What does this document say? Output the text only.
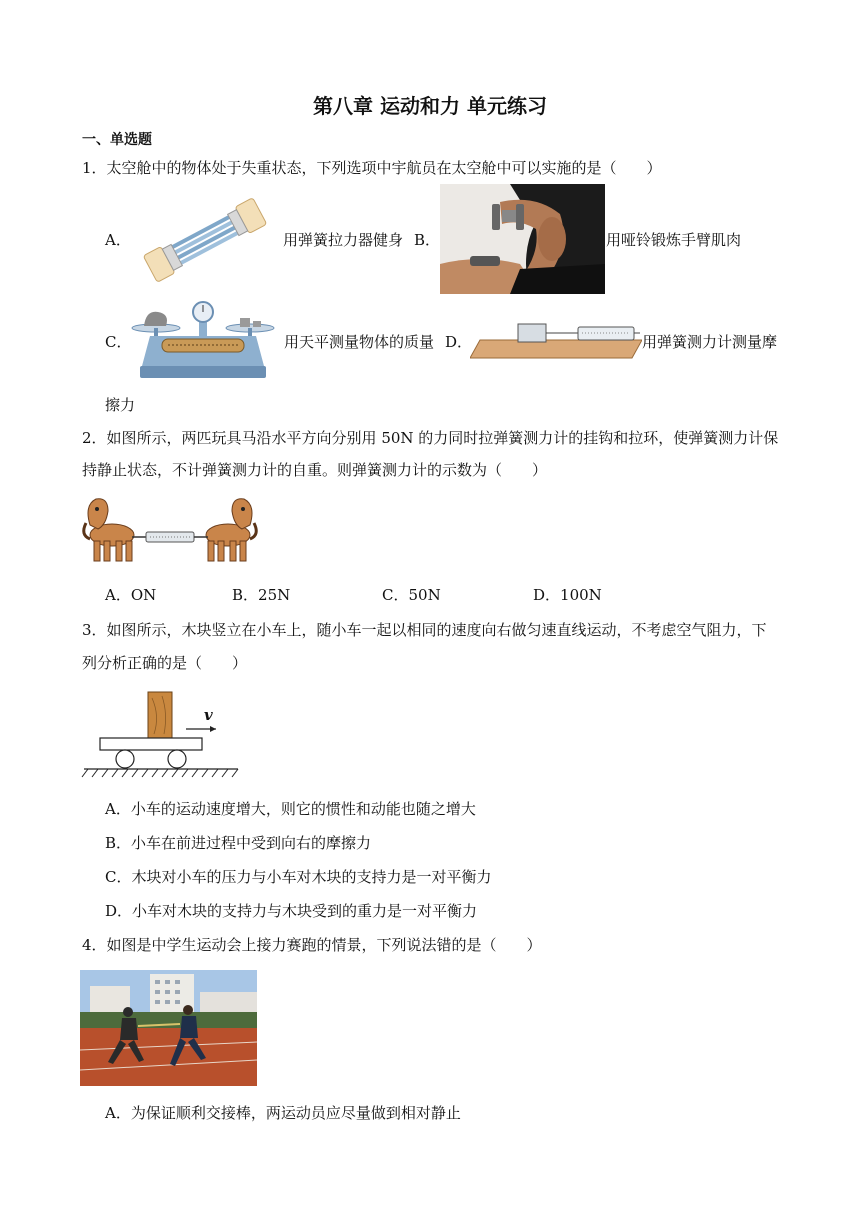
第八章 运动和力 单元练习
一、单选题
1．太空舱中的物体处于失重状态，下列选项中宇航员在太空舱中可以实施的是（　　）
A．	用弹簧拉力器健身 B．	用哑铃锻炼手臂肌肉
C．	用天平测量物体的质量 D．	用弹簧测力计测量摩
擦力
2．如图所示，两匹玩具马沿水平方向分别用 50N 的力同时拉弹簧测力计的挂钩和拉环，使弹簧测力计保
持静止状态，不计弹簧测力计的自重。则弹簧测力计的示数为（　　）
A．ON	B．25N	C．50N	D．100N
3．如图所示，木块竖立在小车上，随小车一起以相同的速度向右做匀速直线运动，不考虑空气阻力，下
列分析正确的是（　　）
v
A．小车的运动速度增大，则它的惯性和动能也随之增大
B．小车在前进过程中受到向右的摩擦力
C．木块对小车的压力与小车对木块的支持力是一对平衡力
D．小车对木块的支持力与木块受到的重力是一对平衡力
4．如图是中学生运动会上接力赛跑的情景，下列说法错的是（　　）
A．为保证顺利交接棒，两运动员应尽量做到相对静止
